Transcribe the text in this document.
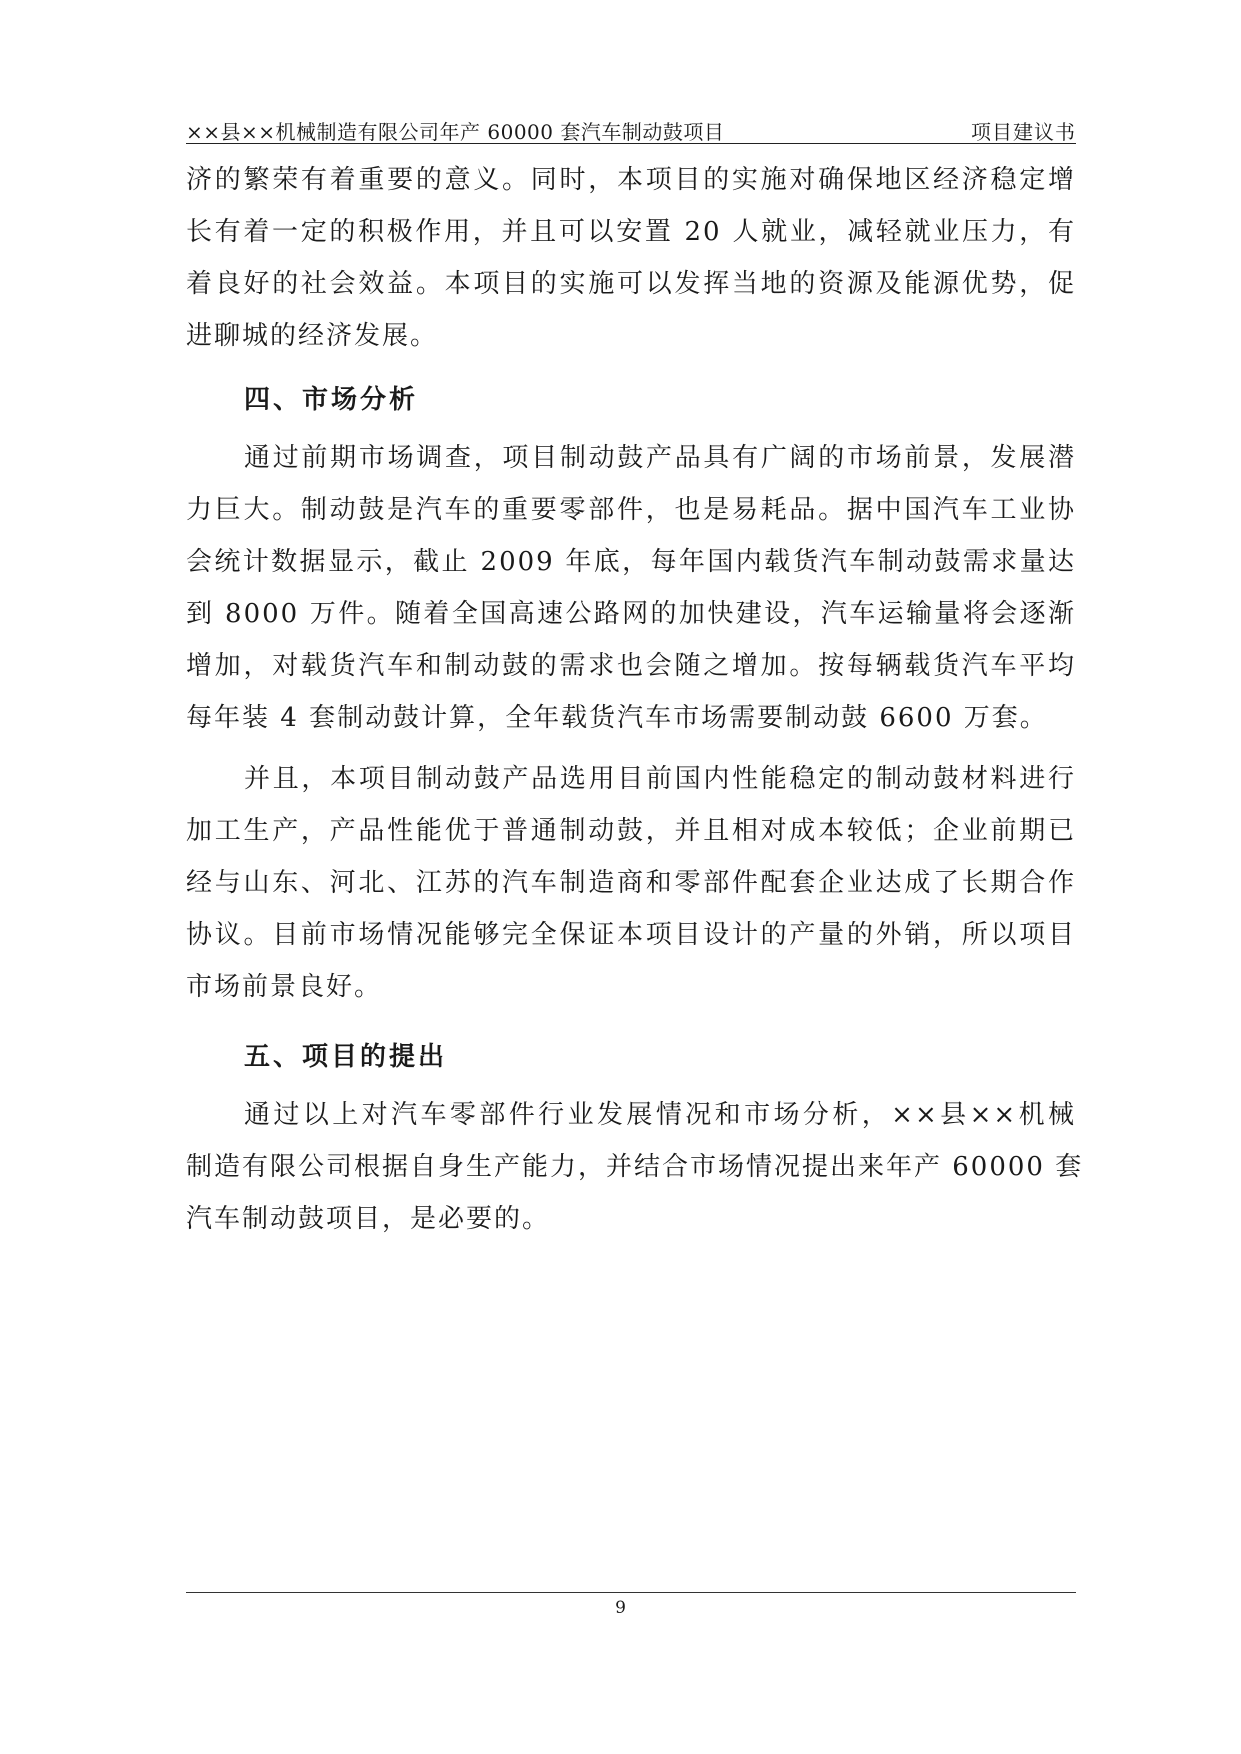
××县××机械制造有限公司年产 60000 套汽车制动鼓项目	项目建议书
济的繁荣有着重要的意义。同时，本项目的实施对确保地区经济稳定增
长有着一定的积极作用，并且可以安置 20 人就业，减轻就业压力，有
着良好的社会效益。本项目的实施可以发挥当地的资源及能源优势，促
进聊城的经济发展。
四、市场分析
通过前期市场调查，项目制动鼓产品具有广阔的市场前景，发展潜
力巨大。制动鼓是汽车的重要零部件，也是易耗品。据中国汽车工业协
会统计数据显示，截止 2009 年底，每年国内载货汽车制动鼓需求量达
到 8000 万件。随着全国高速公路网的加快建设，汽车运输量将会逐渐
增加，对载货汽车和制动鼓的需求也会随之增加。按每辆载货汽车平均
每年装 4 套制动鼓计算，全年载货汽车市场需要制动鼓 6600 万套。
并且，本项目制动鼓产品选用目前国内性能稳定的制动鼓材料进行
加工生产，产品性能优于普通制动鼓，并且相对成本较低；企业前期已
经与山东、河北、江苏的汽车制造商和零部件配套企业达成了长期合作
协议。目前市场情况能够完全保证本项目设计的产量的外销，所以项目
市场前景良好。
五、项目的提出
通过以上对汽车零部件行业发展情况和市场分析，××县××机械
制造有限公司根据自身生产能力，并结合市场情况提出来年产 60000 套
汽车制动鼓项目，是必要的。
9
